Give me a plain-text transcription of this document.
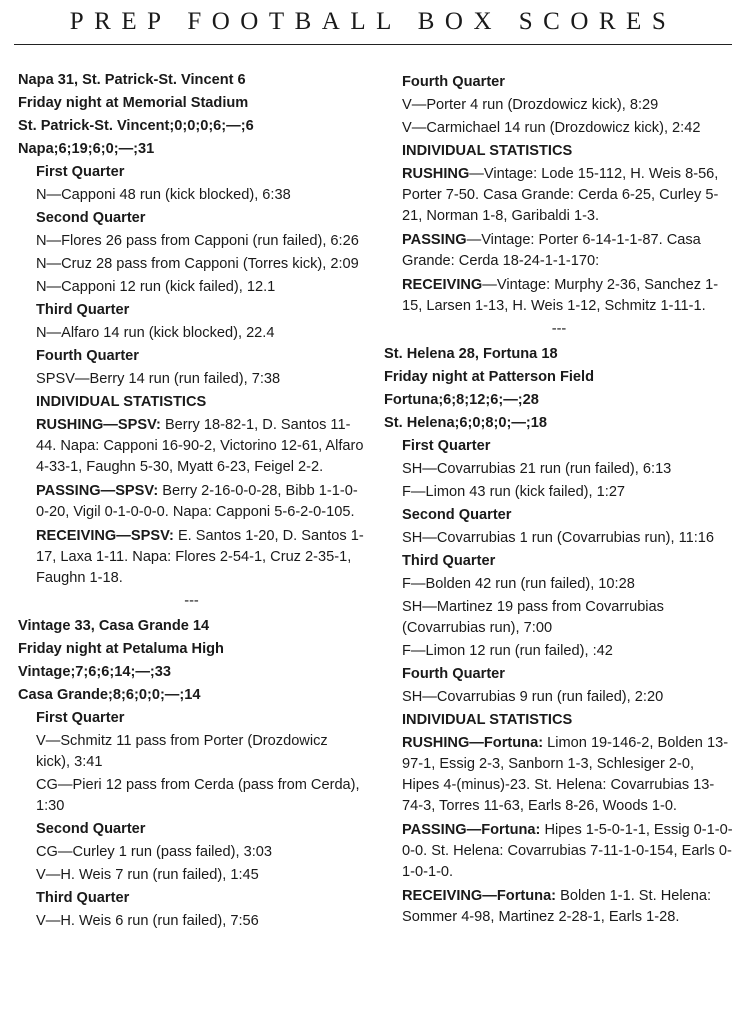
PREP FOOTBALL BOX SCORES
Napa 31, St. Patrick-St. Vincent 6
Friday night at Memorial Stadium
St. Patrick-St. Vincent;0;0;0;6;—;6
Napa;6;19;6;0;—;31
First Quarter
N—Capponi 48 run (kick blocked), 6:38
Second Quarter
N—Flores 26 pass from Capponi (run failed), 6:26
N—Cruz 28 pass from Capponi (Torres kick), 2:09
N—Capponi 12 run (kick failed), 12.1
Third Quarter
N—Alfaro 14 run (kick blocked), 22.4
Fourth Quarter
SPSV—Berry 14 run (run failed), 7:38
INDIVIDUAL STATISTICS
RUSHING—SPSV: Berry 18-82-1, D. Santos 11-44. Napa: Capponi 16-90-2, Victorino 12-61, Alfaro 4-33-1, Faughn 5-30, Myatt 6-23, Feigel 2-2.
PASSING—SPSV: Berry 2-16-0-0-28, Bibb 1-1-0-0-20, Vigil 0-1-0-0-0. Napa: Capponi 5-6-2-0-105.
RECEIVING—SPSV: E. Santos 1-20, D. Santos 1-17, Laxa 1-11. Napa: Flores 2-54-1, Cruz 2-35-1, Faughn 1-18.
---
Vintage 33, Casa Grande 14
Friday night at Petaluma High
Vintage;7;6;6;14;—;33
Casa Grande;8;6;0;0;—;14
First Quarter
V—Schmitz 11 pass from Porter (Drozdowicz kick), 3:41
CG—Pieri 12 pass from Cerda (pass from Cerda), 1:30
Second Quarter
CG—Curley 1 run (pass failed), 3:03
V—H. Weis 7 run (run failed), 1:45
Third Quarter
V—H. Weis 6 run (run failed), 7:56
Fourth Quarter
V—Porter 4 run (Drozdowicz kick), 8:29
V—Carmichael 14 run (Drozdowicz kick), 2:42
INDIVIDUAL STATISTICS
RUSHING—Vintage: Lode 15-112, H. Weis 8-56, Porter 7-50. Casa Grande: Cerda 6-25, Curley 5-21, Norman 1-8, Garibaldi 1-3.
PASSING—Vintage: Porter 6-14-1-1-87. Casa Grande: Cerda 18-24-1-1-170:
RECEIVING—Vintage: Murphy 2-36, Sanchez 1-15, Larsen 1-13, H. Weis 1-12, Schmitz 1-11-1.
---
St. Helena 28, Fortuna 18
Friday night at Patterson Field
Fortuna;6;8;12;6;—;28
St. Helena;6;0;8;0;—;18
First Quarter
SH—Covarrubias 21 run (run failed), 6:13
F—Limon 43 run (kick failed), 1:27
Second Quarter
SH—Covarrubias 1 run (Covarrubias run), 11:16
Third Quarter
F—Bolden 42 run (run failed), 10:28
SH—Martinez 19 pass from Covarrubias (Covarrubias run), 7:00
F—Limon 12 run (run failed), :42
Fourth Quarter
SH—Covarrubias 9 run (run failed), 2:20
INDIVIDUAL STATISTICS
RUSHING—Fortuna: Limon 19-146-2, Bolden 13-97-1, Essig 2-3, Sanborn 1-3, Schlesiger 2-0, Hipes 4-(minus)-23. St. Helena: Covarrubias 13-74-3, Torres 11-63, Earls 8-26, Woods 1-0.
PASSING—Fortuna: Hipes 1-5-0-1-1, Essig 0-1-0-0-0. St. Helena: Covarrubias 7-11-1-0-154, Earls 0-1-0-1-0.
RECEIVING—Fortuna: Bolden 1-1. St. Helena: Sommer 4-98, Martinez 2-28-1, Earls 1-28.
